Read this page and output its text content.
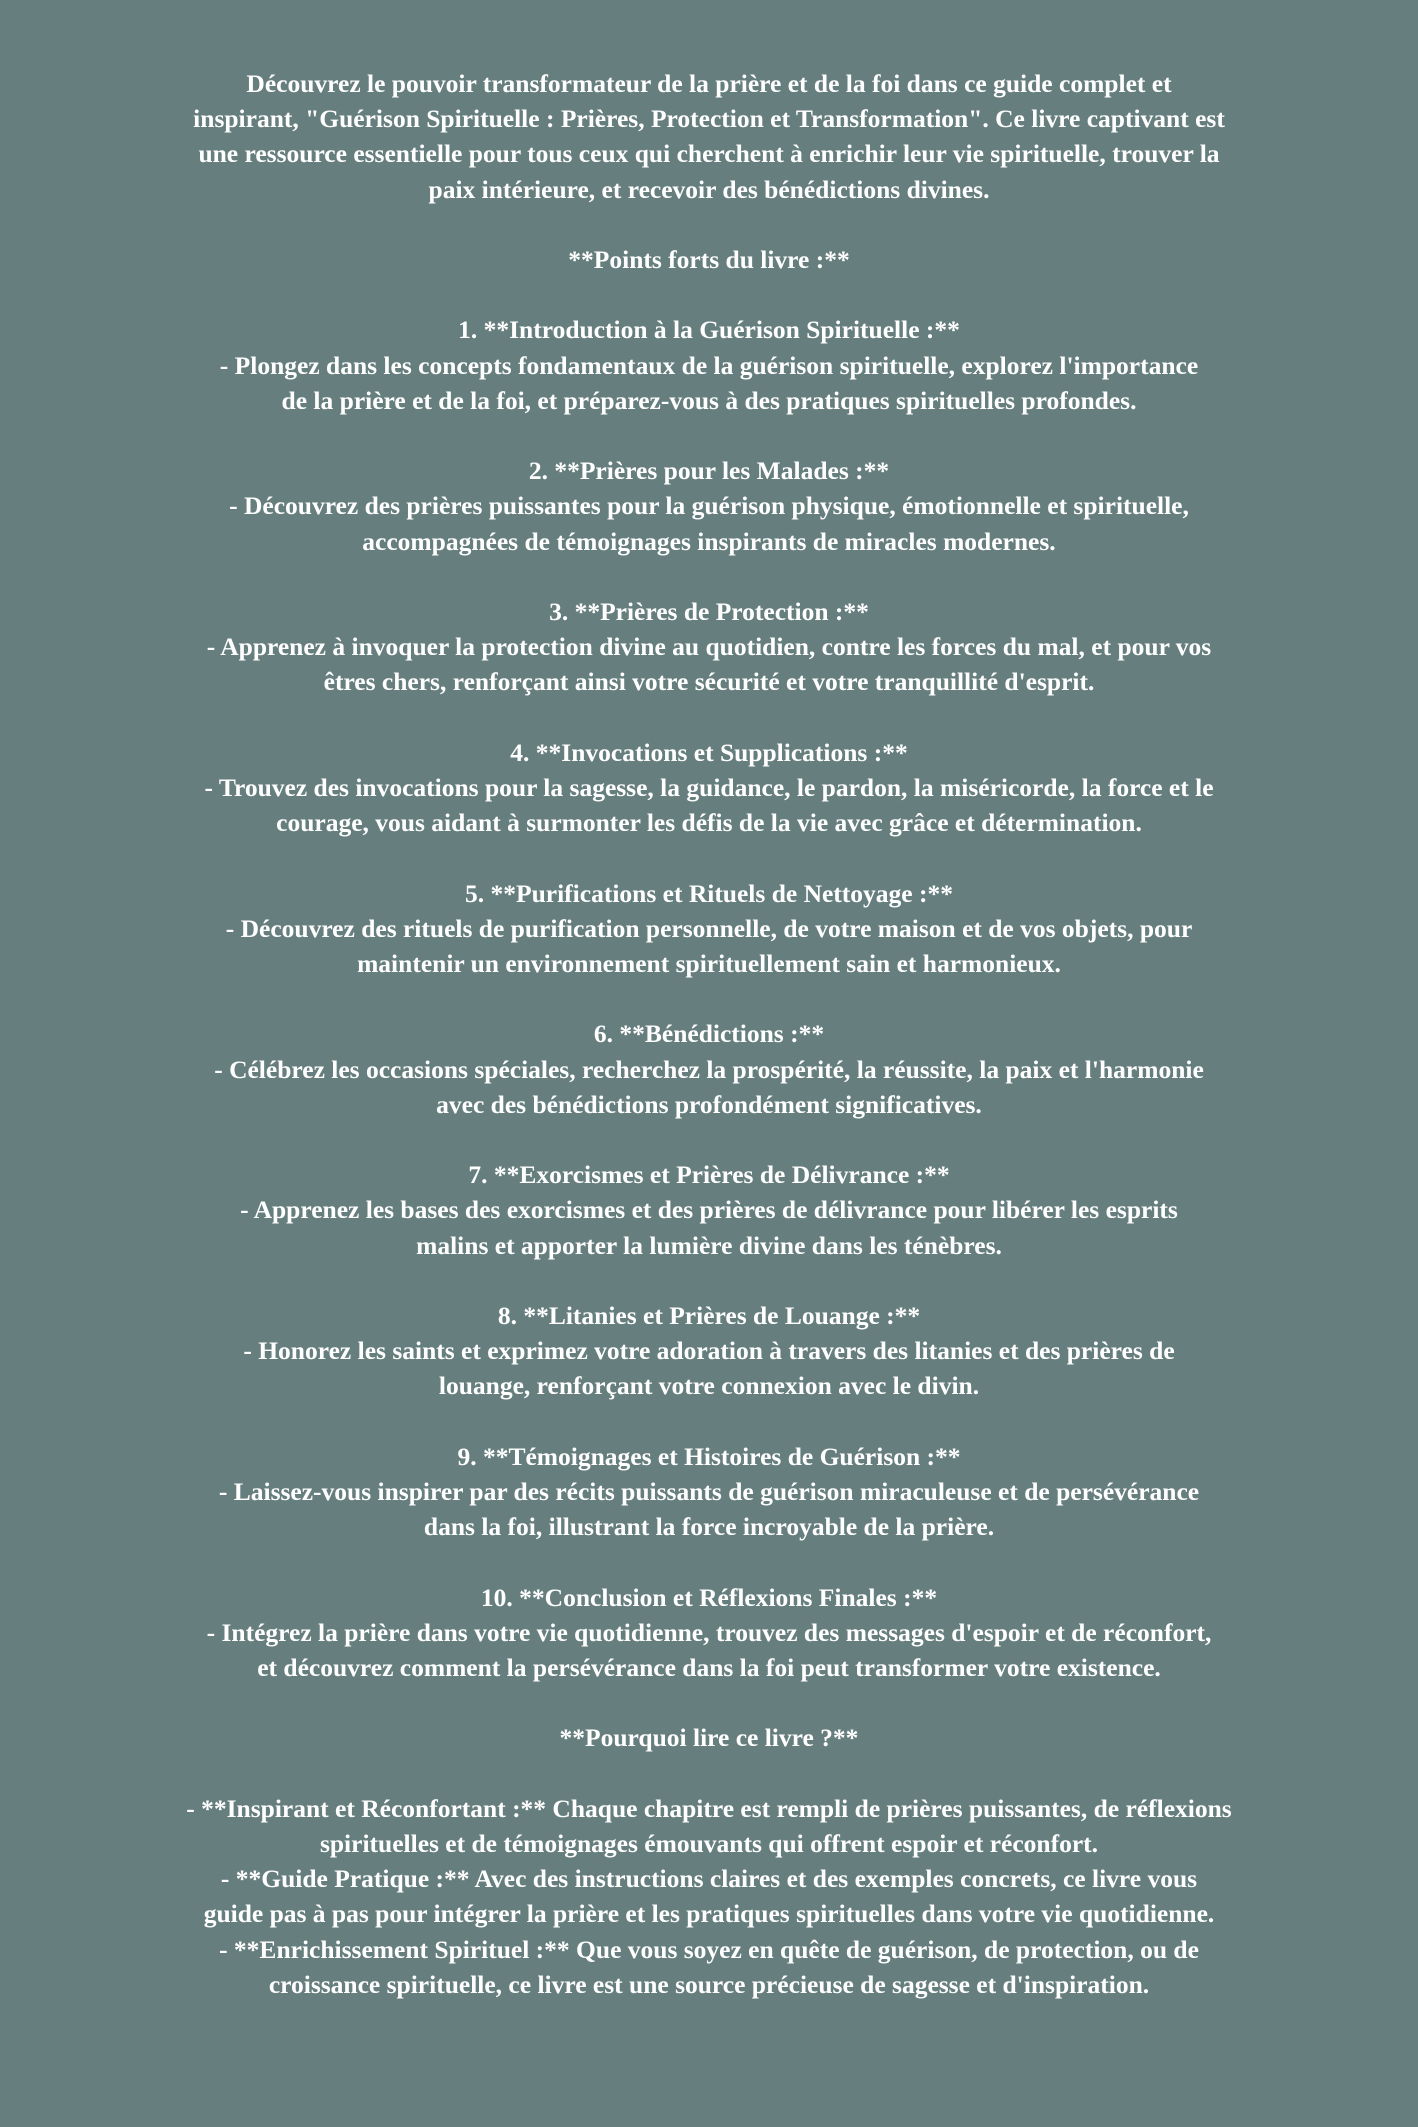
Découvrez le pouvoir transformateur de la prière et de la foi dans ce guide complet et
inspirant, "Guérison Spirituelle : Prières, Protection et Transformation". Ce livre captivant est
une ressource essentielle pour tous ceux qui cherchent à enrichir leur vie spirituelle, trouver la
paix intérieure, et recevoir des bénédictions divines.
**Points forts du livre :**
1. **Introduction à la Guérison Spirituelle :**
- Plongez dans les concepts fondamentaux de la guérison spirituelle, explorez l'importance
de la prière et de la foi, et préparez-vous à des pratiques spirituelles profondes.
2. **Prières pour les Malades :**
- Découvrez des prières puissantes pour la guérison physique, émotionnelle et spirituelle,
accompagnées de témoignages inspirants de miracles modernes.
3. **Prières de Protection :**
- Apprenez à invoquer la protection divine au quotidien, contre les forces du mal, et pour vos
êtres chers, renforçant ainsi votre sécurité et votre tranquillité d'esprit.
4. **Invocations et Supplications :**
- Trouvez des invocations pour la sagesse, la guidance, le pardon, la miséricorde, la force et le
courage, vous aidant à surmonter les défis de la vie avec grâce et détermination.
5. **Purifications et Rituels de Nettoyage :**
- Découvrez des rituels de purification personnelle, de votre maison et de vos objets, pour
maintenir un environnement spirituellement sain et harmonieux.
6. **Bénédictions :**
- Célébrez les occasions spéciales, recherchez la prospérité, la réussite, la paix et l'harmonie
avec des bénédictions profondément significatives.
7. **Exorcismes et Prières de Délivrance :**
- Apprenez les bases des exorcismes et des prières de délivrance pour libérer les esprits
malins et apporter la lumière divine dans les ténèbres.
8. **Litanies et Prières de Louange :**
- Honorez les saints et exprimez votre adoration à travers des litanies et des prières de
louange, renforçant votre connexion avec le divin.
9. **Témoignages et Histoires de Guérison :**
- Laissez-vous inspirer par des récits puissants de guérison miraculeuse et de persévérance
dans la foi, illustrant la force incroyable de la prière.
10. **Conclusion et Réflexions Finales :**
- Intégrez la prière dans votre vie quotidienne, trouvez des messages d'espoir et de réconfort,
et découvrez comment la persévérance dans la foi peut transformer votre existence.
**Pourquoi lire ce livre ?**
- **Inspirant et Réconfortant :** Chaque chapitre est rempli de prières puissantes, de réflexions
spirituelles et de témoignages émouvants qui offrent espoir et réconfort.
- **Guide Pratique :** Avec des instructions claires et des exemples concrets, ce livre vous
guide pas à pas pour intégrer la prière et les pratiques spirituelles dans votre vie quotidienne.
- **Enrichissement Spirituel :** Que vous soyez en quête de guérison, de protection, ou de
croissance spirituelle, ce livre est une source précieuse de sagesse et d'inspiration.
